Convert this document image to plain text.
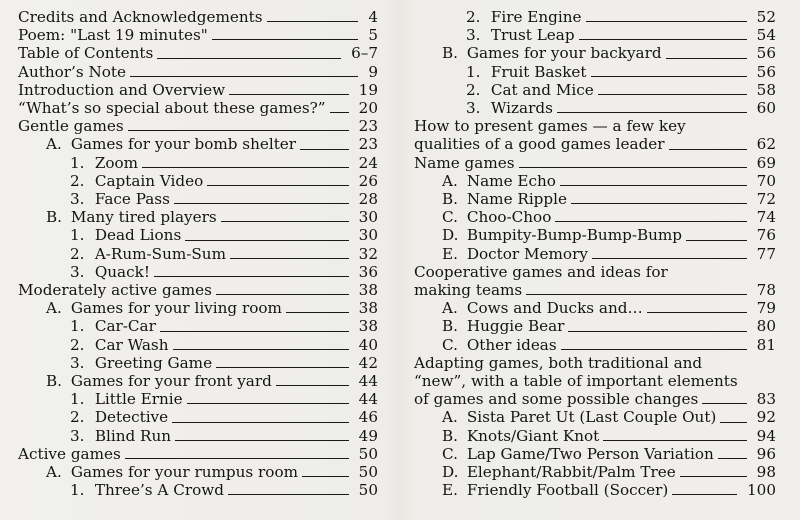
Credits and Acknowledgements	4
Poem: "Last 19 minutes"	5
Table of Contents	6–7
Author’s Note	9
Introduction and Overview	19
“What’s so special about these games?” 20
Gentle games	23
A. Games for your bomb shelter	23
1. Zoom	24
2. Captain Video	26
3. Face Pass	28
B. Many tired players	30
1. Dead Lions	30
2. A-Rum-Sum-Sum	32
3. Quack!	36
Moderately active games	38
A. Games for your living room	38
1. Car-Car	38
2. Car Wash	40
3. Greeting Game	42
B. Games for your front yard	44
1. Little Ernie	44
2. Detective	46
3. Blind Run	49
Active games	50
A. Games for your rumpus room	50
1. Three’s A Crowd	50
2. Fire Engine	52
3. Trust Leap	54
B. Games for your backyard	56
1. Fruit Basket	56
2. Cat and Mice	58
3. Wizards	60
How to present games — a few key
qualities of a good games leader	62
Name games	69
A. Name Echo	70
B. Name Ripple	72
C. Choo-Choo	74
D. Bumpity-Bump-Bump-Bump	76
E. Doctor Memory	77
Cooperative games and ideas for
making teams	78
A. Cows and Ducks and…	79
B. Huggie Bear	80
C. Other ideas	81
Adapting games, both traditional and
“new”, with a table of important elements
of games and some possible changes	83
A. Sista Paret Ut (Last Couple Out)	92
B. Knots/Giant Knot	94
C. Lap Game/Two Person Variation	96
D. Elephant/Rabbit/Palm Tree	98
E. Friendly Football (Soccer)	100
